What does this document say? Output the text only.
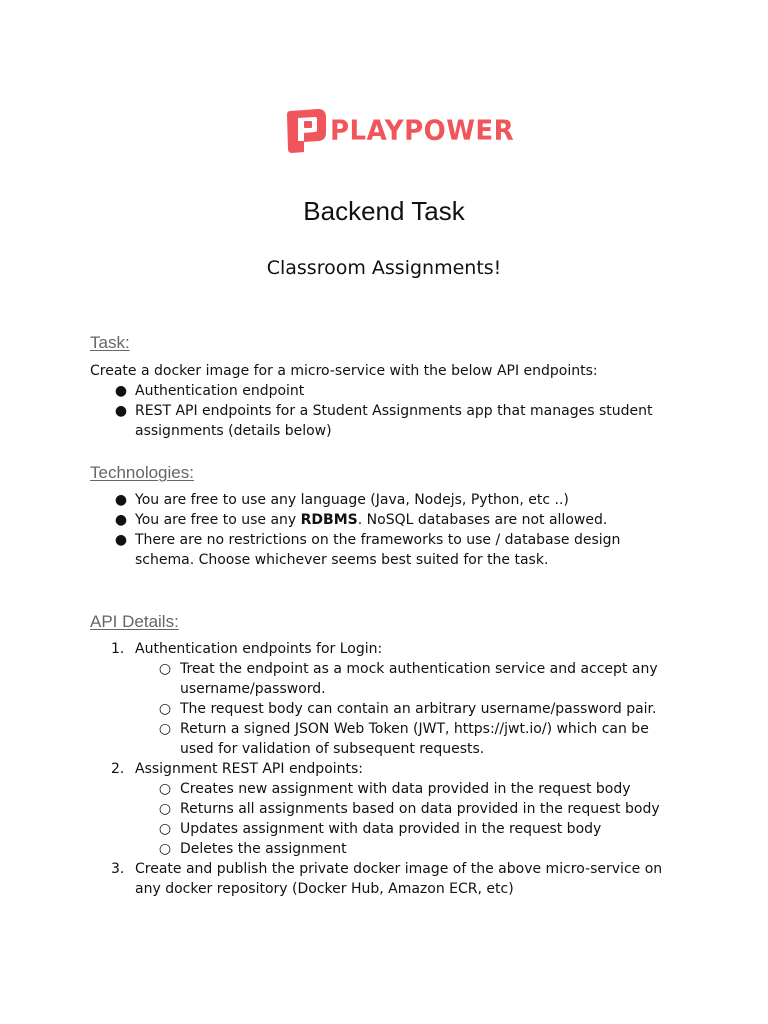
PLAYPOWER
Backend Task
Classroom Assignments!
Task:
Create a docker image for a micro-service with the below API endpoints:
● Authentication endpoint
● REST API endpoints for a Student Assignments app that manages student assignments (details below)
Technologies:
● You are free to use any language (Java, Nodejs, Python, etc ..)
● You are free to use any RDBMS. NoSQL databases are not allowed.
● There are no restrictions on the frameworks to use / database design schema. Choose whichever seems best suited for the task.
API Details:
1. Authentication endpoints for Login:
○ Treat the endpoint as a mock authentication service and accept any username/password.
○ The request body can contain an arbitrary username/password pair.
○ Return a signed JSON Web Token (JWT, https://jwt.io/) which can be used for validation of subsequent requests.
2. Assignment REST API endpoints:
○ Creates new assignment with data provided in the request body
○ Returns all assignments based on data provided in the request body
○ Updates assignment with data provided in the request body
○ Deletes the assignment
3. Create and publish the private docker image of the above micro-service on any docker repository (Docker Hub, Amazon ECR, etc)
